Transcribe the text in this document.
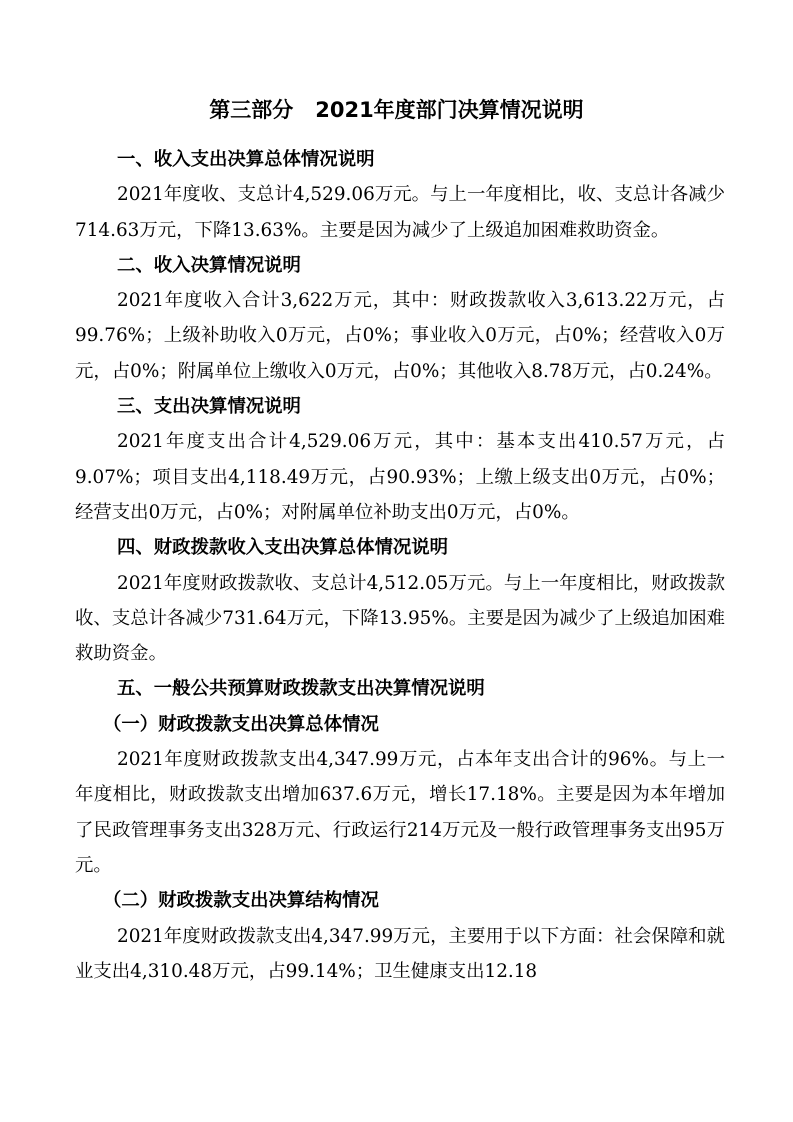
第三部分   2021年度部门决算情况说明

一、收入支出决算总体情况说明

2021年度收、支总计4,529.06万元。与上一年度相比，收、支总计各减少714.63万元，下降13.63%。主要是因为减少了上级追加困难救助资金。

二、收入决算情况说明

2021年度收入合计3,622万元，其中：财政拨款收入3,613.22万元，占99.76%；上级补助收入0万元，占0%；事业收入0万元，占0%；经营收入0万元，占0%；附属单位上缴收入0万元，占0%；其他收入8.78万元，占0.24%。

三、支出决算情况说明

2021年度支出合计4,529.06万元，其中：基本支出410.57万元，占9.07%；项目支出4,118.49万元，占90.93%；上缴上级支出0万元，占0%；经营支出0万元，占0%；对附属单位补助支出0万元，占0%。

四、财政拨款收入支出决算总体情况说明

2021年度财政拨款收、支总计4,512.05万元。与上一年度相比，财政拨款收、支总计各减少731.64万元，下降13.95%。主要是因为减少了上级追加困难救助资金。

五、一般公共预算财政拨款支出决算情况说明

（一）财政拨款支出决算总体情况

2021年度财政拨款支出4,347.99万元，占本年支出合计的96%。与上一年度相比，财政拨款支出增加637.6万元，增长17.18%。主要是因为本年增加了民政管理事务支出328万元、行政运行214万元及一般行政管理事务支出95万元。

（二）财政拨款支出决算结构情况

2021年度财政拨款支出4,347.99万元，主要用于以下方面：社会保障和就业支出4,310.48万元，占99.14%；卫生健康支出12.18
